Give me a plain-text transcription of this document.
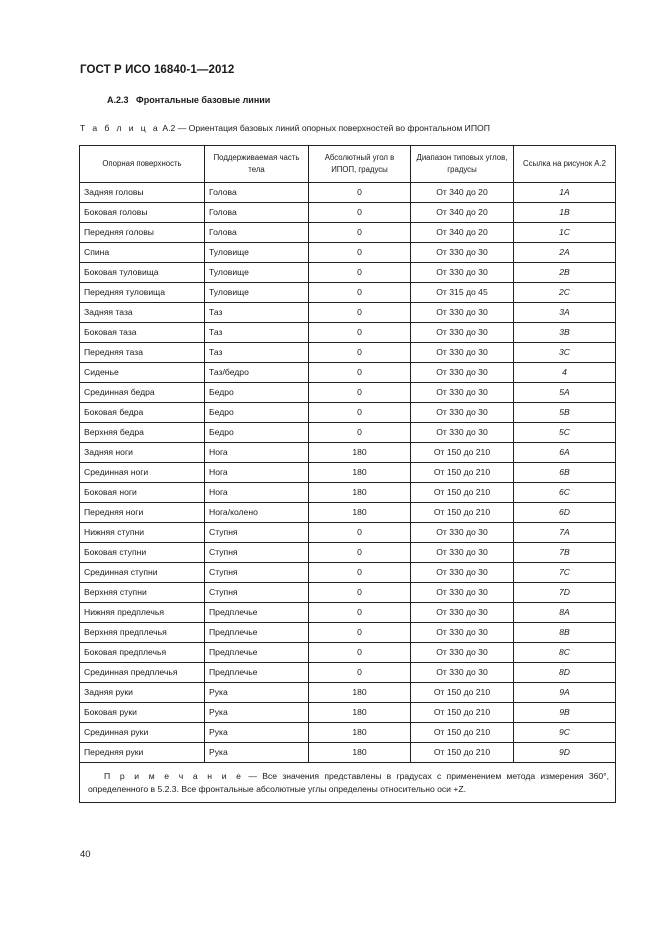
ГОСТ Р ИСО 16840-1—2012
А.2.3 Фронтальные базовые линии
Т а б л и ц а А.2 — Ориентация базовых линий опорных поверхностей во фронтальном ИПОП
Опорная поверхность	Поддерживаемая часть тела	Абсолютный угол в ИПОП, градусы	Диапазон типовых углов, градусы	Ссылка на рисунок А.2
Задняя головы	Голова	0	От 340 до 20	1A
Боковая головы	Голова	0	От 340 до 20	1B
Передняя головы	Голова	0	От 340 до 20	1C
Спина	Туловище	0	От 330 до 30	2A
Боковая туловища	Туловище	0	От 330 до 30	2B
Передняя туловища	Туловище	0	От 315 до 45	2C
Задняя таза	Таз	0	От 330 до 30	3A
Боковая таза	Таз	0	От 330 до 30	3B
Передняя таза	Таз	0	От 330 до 30	3C
Сиденье	Таз/бедро	0	От 330 до 30	4
Срединная бедра	Бедро	0	От 330 до 30	5A
Боковая бедра	Бедро	0	От 330 до 30	5B
Верхняя бедра	Бедро	0	От 330 до 30	5C
Задняя ноги	Нога	180	От 150 до 210	6A
Срединная ноги	Нога	180	От 150 до 210	6B
Боковая ноги	Нога	180	От 150 до 210	6C
Передняя ноги	Нога/колено	180	От 150 до 210	6D
Нижняя ступни	Ступня	0	От 330 до 30	7A
Боковая ступни	Ступня	0	От 330 до 30	7B
Срединная ступни	Ступня	0	От 330 до 30	7C
Верхняя ступни	Ступня	0	От 330 до 30	7D
Нижняя предплечья	Предплечье	0	От 330 до 30	8A
Верхняя предплечья	Предплечье	0	От 330 до 30	8B
Боковая предплечья	Предплечье	0	От 330 до 30	8C
Срединная предплечья	Предплечье	0	От 330 до 30	8D
Задняя руки	Рука	180	От 150 до 210	9A
Боковая руки	Рука	180	От 150 до 210	9B
Срединная руки	Рука	180	От 150 до 210	9C
Передняя руки	Рука	180	От 150 до 210	9D
П р и м е ч а н и е — Все значения представлены в градусах с применением метода измерения 360°, определенного в 5.2.3. Все фронтальные абсолютные углы определены относительно оси +Z.				
40
